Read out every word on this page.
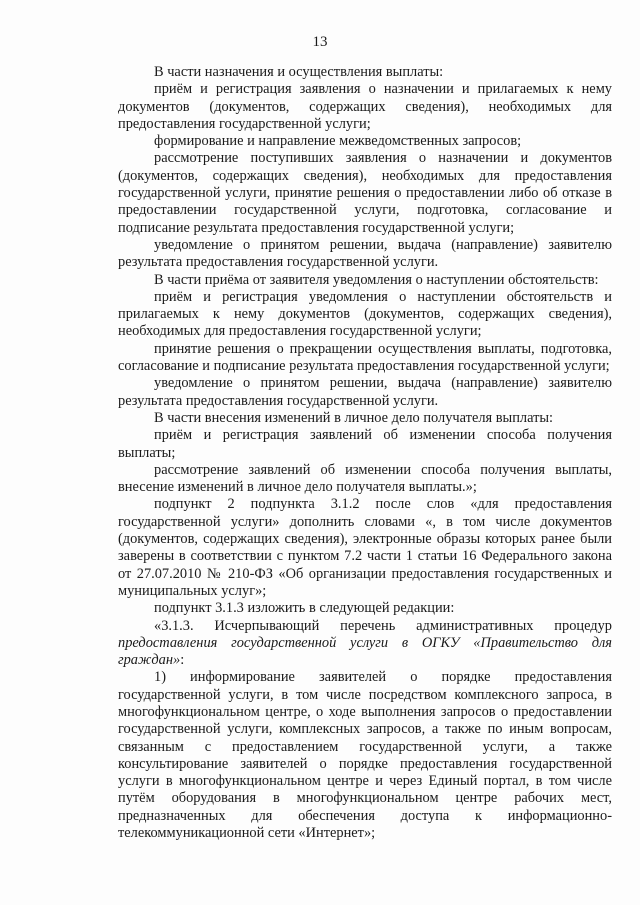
13

В части назначения и осуществления выплаты:

приём и регистрация заявления о назначении и прилагаемых к нему документов (документов, содержащих сведения), необходимых для предоставления государственной услуги;

формирование и направление межведомственных запросов;

рассмотрение поступивших заявления о назначении и документов (документов, содержащих сведения), необходимых для предоставления государственной услуги, принятие решения о предоставлении либо об отказе в предоставлении государственной услуги, подготовка, согласование и подписание результата предоставления государственной услуги;

уведомление о принятом решении, выдача (направление) заявителю результата предоставления государственной услуги.

В части приёма от заявителя уведомления о наступлении обстоятельств:

приём и регистрация уведомления о наступлении обстоятельств и прилагаемых к нему документов (документов, содержащих сведения), необходимых для предоставления государственной услуги;

принятие решения о прекращении осуществления выплаты, подготовка, согласование и подписание результата предоставления государственной услуги;

уведомление о принятом решении, выдача (направление) заявителю результата предоставления государственной услуги.

В части внесения изменений в личное дело получателя выплаты:

приём и регистрация заявлений об изменении способа получения выплаты;

рассмотрение заявлений об изменении способа получения выплаты, внесение изменений в личное дело получателя выплаты.»;

подпункт 2 подпункта 3.1.2 после слов «для предоставления государственной услуги» дополнить словами «, в том числе документов (документов, содержащих сведения), электронные образы которых ранее были заверены в соответствии с пунктом 7.2 части 1 статьи 16 Федерального закона от 27.07.2010 № 210-ФЗ «Об организации предоставления государственных и муниципальных услуг»;

подпункт 3.1.3 изложить в следующей редакции:

«3.1.3. Исчерпывающий перечень административных процедур предоставления государственной услуги в ОГКУ «Правительство для граждан»:

1) информирование заявителей о порядке предоставления государственной услуги, в том числе посредством комплексного запроса, в многофункциональном центре, о ходе выполнения запросов о предоставлении государственной услуги, комплексных запросов, а также по иным вопросам, связанным с предоставлением государственной услуги, а также консультирование заявителей о порядке предоставления государственной услуги в многофункциональном центре и через Единый портал, в том числе путём оборудования в многофункциональном центре рабочих мест, предназначенных для обеспечения доступа к информационно-телекоммуникационной сети «Интернет»;
